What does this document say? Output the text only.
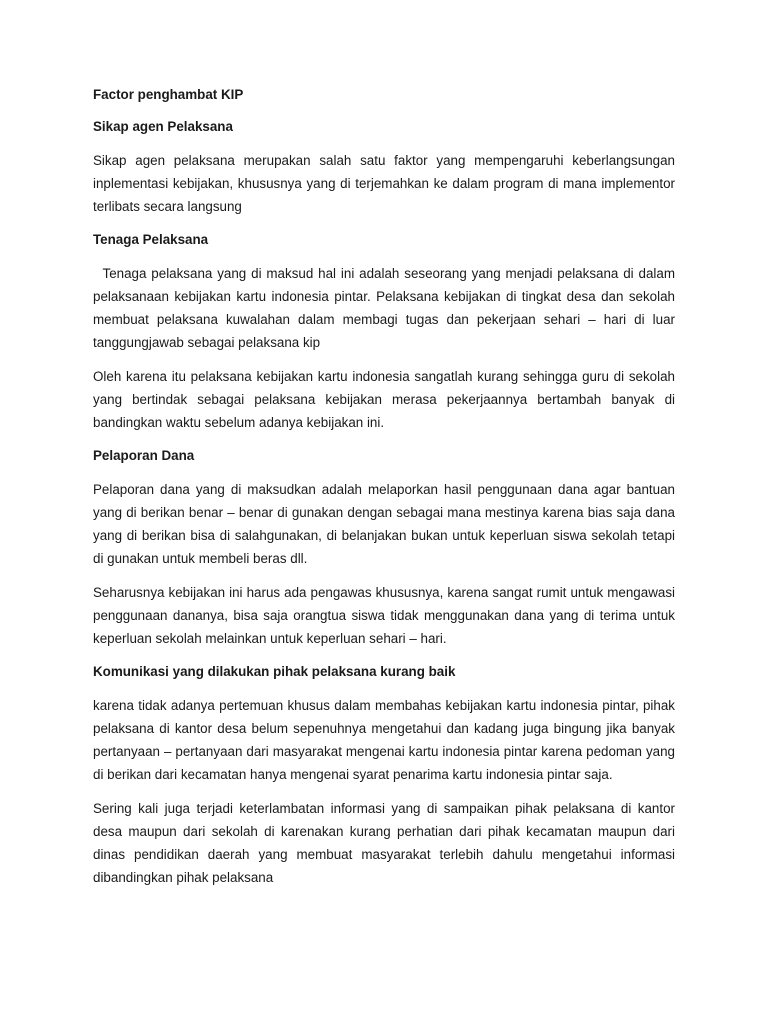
Factor penghambat KIP
Sikap agen Pelaksana

Sikap agen pelaksana merupakan salah satu faktor yang mempengaruhi keberlangsungan inplementasi kebijakan, khususnya yang di terjemahkan ke dalam program di mana implementor terlibats secara langsung

Tenaga Pelaksana

Tenaga pelaksana yang di maksud hal ini adalah seseorang yang menjadi pelaksana di dalam pelaksanaan kebijakan kartu indonesia pintar. Pelaksana kebijakan di tingkat desa dan sekolah membuat pelaksana kuwalahan dalam membagi tugas dan pekerjaan sehari – hari di luar tanggungjawab sebagai pelaksana kip

Oleh karena itu pelaksana kebijakan kartu indonesia sangatlah kurang sehingga guru di sekolah yang bertindak sebagai pelaksana kebijakan merasa pekerjaannya bertambah banyak di bandingkan waktu sebelum adanya kebijakan ini.

Pelaporan Dana

Pelaporan dana yang di maksudkan adalah melaporkan hasil penggunaan dana agar bantuan yang di berikan benar – benar di gunakan dengan sebagai mana mestinya karena bias saja dana yang di berikan bisa di salahgunakan, di belanjakan bukan untuk keperluan siswa sekolah tetapi di gunakan untuk membeli beras dll.

Seharusnya kebijakan ini harus ada pengawas khususnya, karena sangat rumit untuk mengawasi penggunaan dananya, bisa saja orangtua siswa tidak menggunakan dana yang di terima untuk keperluan sekolah melainkan untuk keperluan sehari – hari.

Komunikasi yang dilakukan pihak pelaksana kurang baik

karena tidak adanya pertemuan khusus dalam membahas kebijakan kartu indonesia pintar, pihak pelaksana di kantor desa belum sepenuhnya mengetahui dan kadang juga bingung jika banyak pertanyaan – pertanyaan dari masyarakat mengenai kartu indonesia pintar karena pedoman yang di berikan dari kecamatan hanya mengenai syarat penarima kartu indonesia pintar saja.

Sering kali juga terjadi keterlambatan informasi yang di sampaikan pihak pelaksana di kantor desa maupun dari sekolah di karenakan kurang perhatian dari pihak kecamatan maupun dari dinas pendidikan daerah yang membuat masyarakat terlebih dahulu mengetahui informasi dibandingkan pihak pelaksana
